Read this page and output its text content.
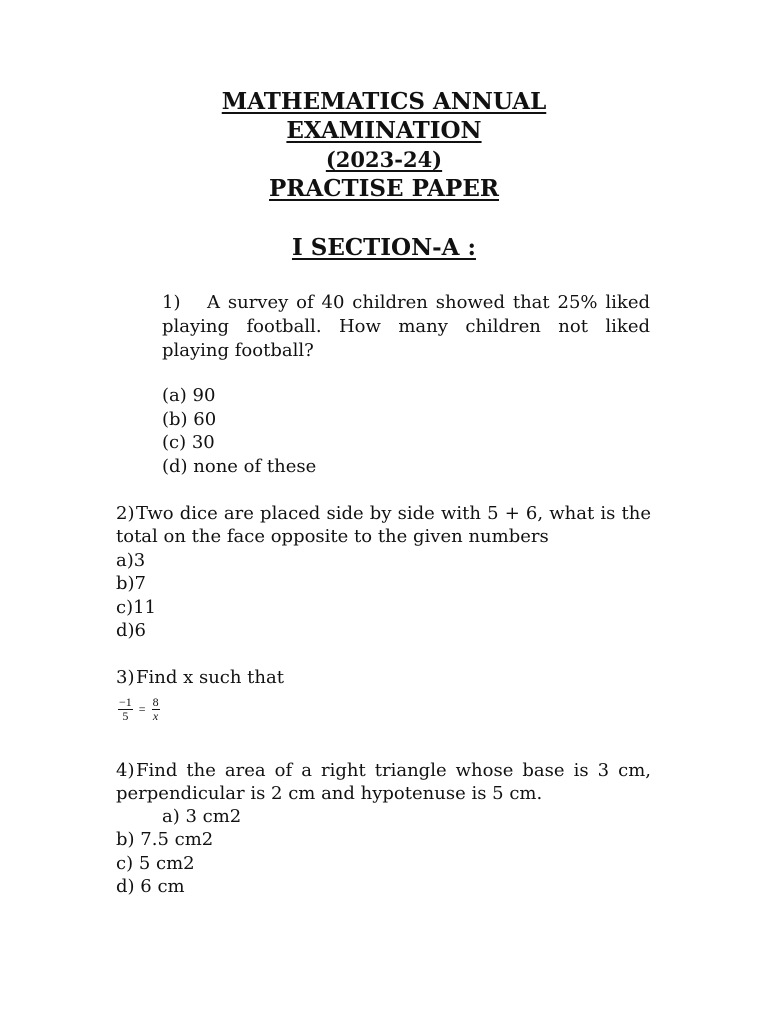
MATHEMATICS ANNUAL
EXAMINATION
(2023-24)
PRACTISE PAPER
I SECTION-A :
1)	A survey of 40 children showed that 25% liked
playing football. How many children not liked
playing football?
(a) 90
(b) 60
(c) 30
(d) none of these
2) Two dice are placed side by side with 5 + 6, what is the
total on the face opposite to the given numbers
a)3
b)7
c)11
d)6
3) Find x such that
$\frac{-1}{5} = \frac{8}{x}$
4) Find the area of a right triangle whose base is 3 cm,
perpendicular is 2 cm and hypotenuse is 5 cm.
a) 3 cm2
b) 7.5 cm2
c) 5 cm2
d) 6 cm
